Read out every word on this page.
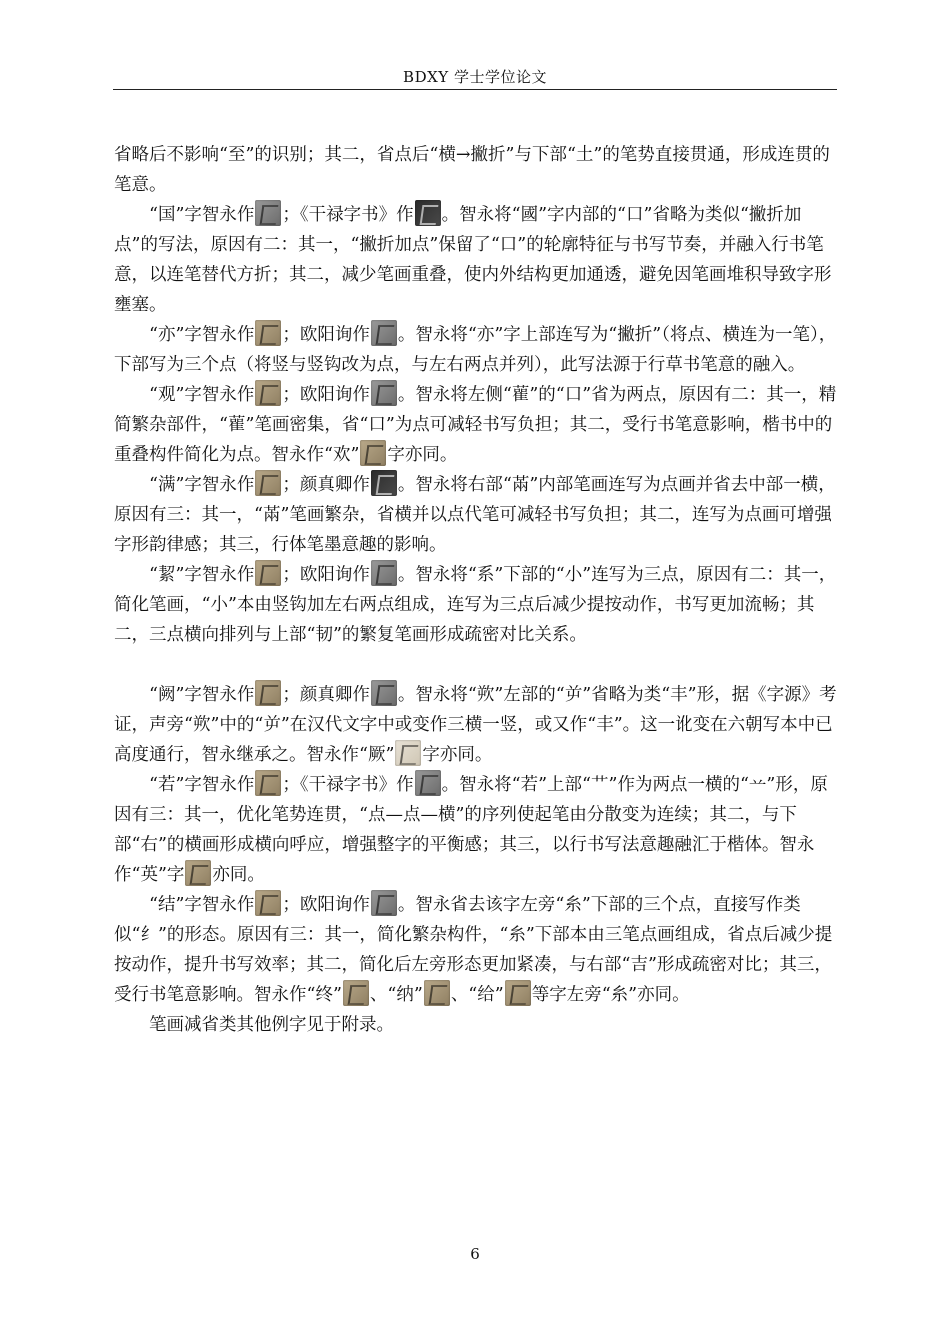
BDXY 学士学位论文

省略后不影响“至”的识别；其二，省点后“横→撇折”与下部“土”的笔势直接贯通，形成连贯的笔意。

“国”字智永作 ；《干禄字书》作 。智永将“國”字内部的“口”省略为类似“撇折加点”的写法，原因有二：其一，“撇折加点”保留了“口”的轮廓特征与书写节奏，并融入行书笔意，以连笔替代方折；其二，减少笔画重叠，使内外结构更加通透，避免因笔画堆积导致字形壅塞。

“亦”字智永作 ；欧阳询作 。智永将“亦”字上部连写为“撇折”（将点、横连为一笔），下部写为三个点（将竖与竖钩改为点，与左右两点并列），此写法源于行草书笔意的融入。

“观”字智永作 ；欧阳询作 。智永将左侧“雚”的“口”省为两点，原因有二：其一，精简繁杂部件，“雚”笔画密集，省“口”为点可减轻书写负担；其二，受行书笔意影响，楷书中的重叠构件简化为点。智永作“欢” 字亦同。

“满”字智永作 ；颜真卿作 。智永将右部“㒼”内部笔画连写为点画并省去中部一横，原因有三：其一，“㒼”笔画繁杂，省横并以点代笔可减轻书写负担；其二，连写为点画可增强字形韵律感；其三，行体笔墨意趣的影响。

“絜”字智永作 ；欧阳询作 。智永将“系”下部的“小”连写为三点，原因有二：其一，简化笔画，“小”本由竖钩加左右两点组成，连写为三点后减少提按动作，书写更加流畅；其二，三点横向排列与上部“韧”的繁复笔画形成疏密对比关系。

“阙”字智永作 ；颜真卿作 。智永将“欮”左部的“屰”省略为类“丰”形，据《字源》考证，声旁“欮”中的“屰”在汉代文字中或变作三横一竖，或又作“丰”。这一讹变在六朝写本中已高度通行，智永继承之。智永作“厥” 字亦同。

“若”字智永作 ；《干禄字书》作 。智永将“若”上部“艹”作为两点一横的“䒑”形，原因有三：其一，优化笔势连贯，“点—点—横”的序列使起笔由分散变为连续；其二，与下部“右”的横画形成横向呼应，增强整字的平衡感；其三，以行书写法意趣融汇于楷体。智永作“英”字 亦同。

“结”字智永作 ；欧阳询作 。智永省去该字左旁“糸”下部的三个点，直接写作类似“纟”的形态。原因有三：其一，简化繁杂构件，“糸”下部本由三笔点画组成，省点后减少提按动作，提升书写效率；其二，简化后左旁形态更加紧凑，与右部“吉”形成疏密对比；其三，受行书笔意影响。智永作“终” 、“纳” 、“给” 等字左旁“糸”亦同。

笔画减省类其他例字见于附录。

6
